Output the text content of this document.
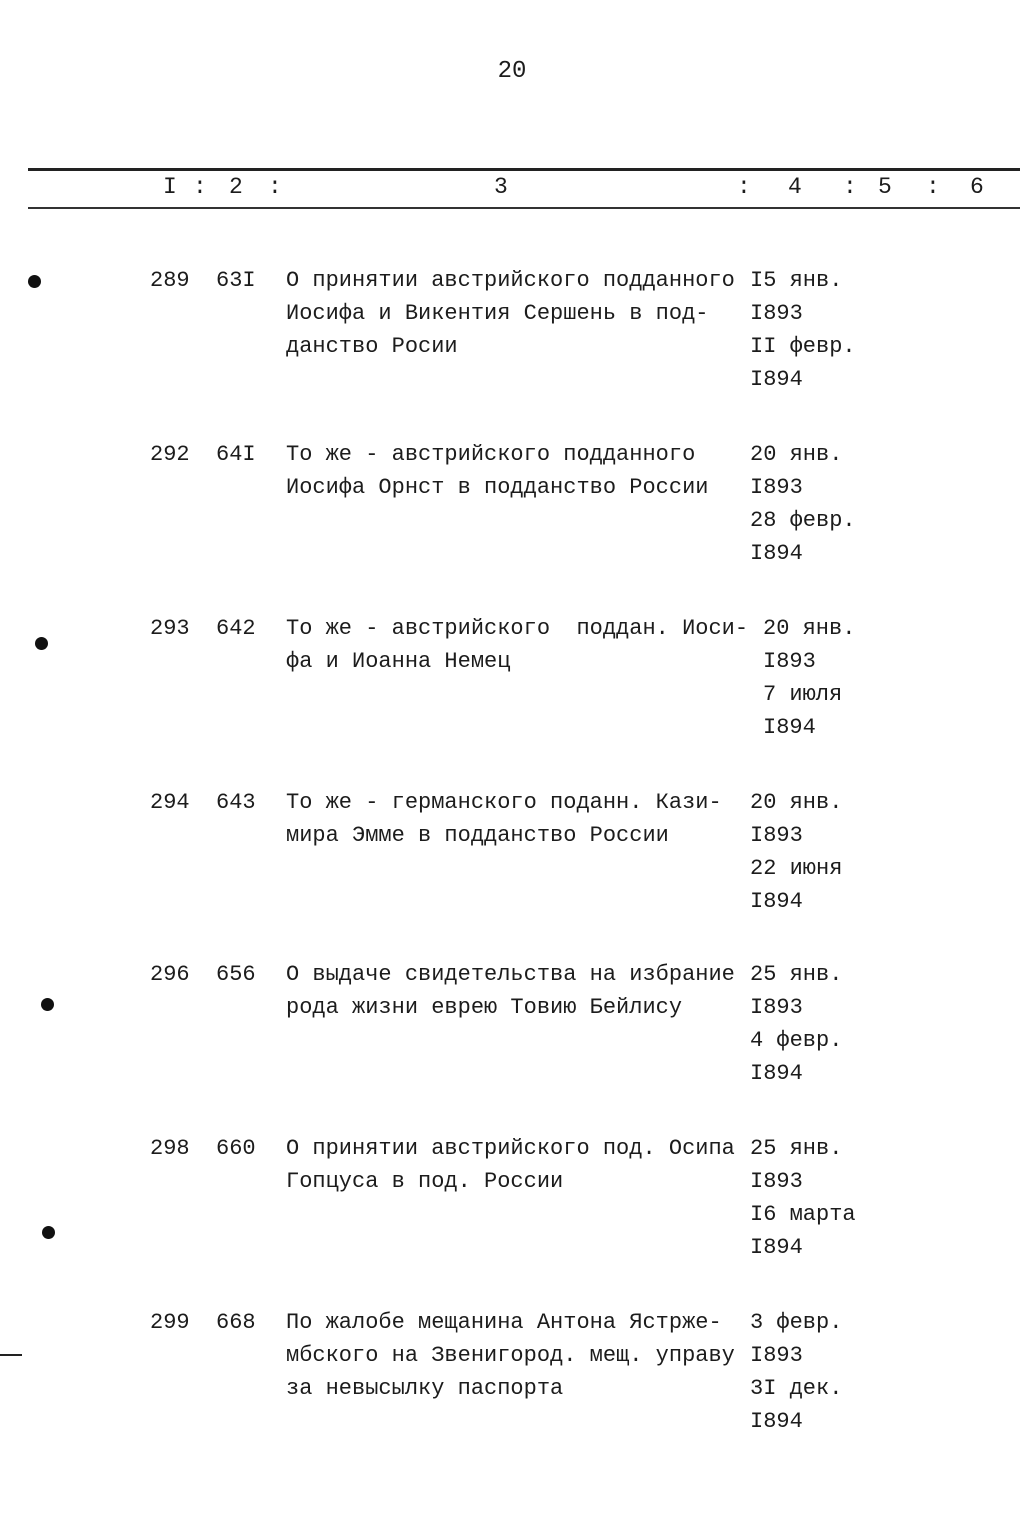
20
I : 2 :	3	: 4 : 5 : 6
289 63I О принятии австрийского подданного
Иосифа и Викентия Сершень в под-
данство Росии
I5 янв.
I893
II февр.
I894
292 64I То же - австрийского подданного
Иосифа Орнст в подданство России
20 янв.
I893
28 февр.
I894
293 642 То же - австрийского  поддан. Иоси-
фа и Иоанна Немец
20 янв.
I893
7 июля
I894
294 643 То же - германского поданн. Кази-
мира Эмме в подданство России
20 янв.
I893
22 июня
I894
296 656 О выдаче свидетельства на избрание
рода жизни еврею Товию Бейлису
25 янв.
I893
4 февр.
I894
298 660 О принятии австрийского под. Осипа
Гопцуса в под. России
25 янв.
I893
I6 марта
I894
299 668 По жалобе мещанина Антона Ястрже-
мбского на Звенигород. мещ. управу
за невысылку паспорта
3 февр.
I893
3I дек.
I894
